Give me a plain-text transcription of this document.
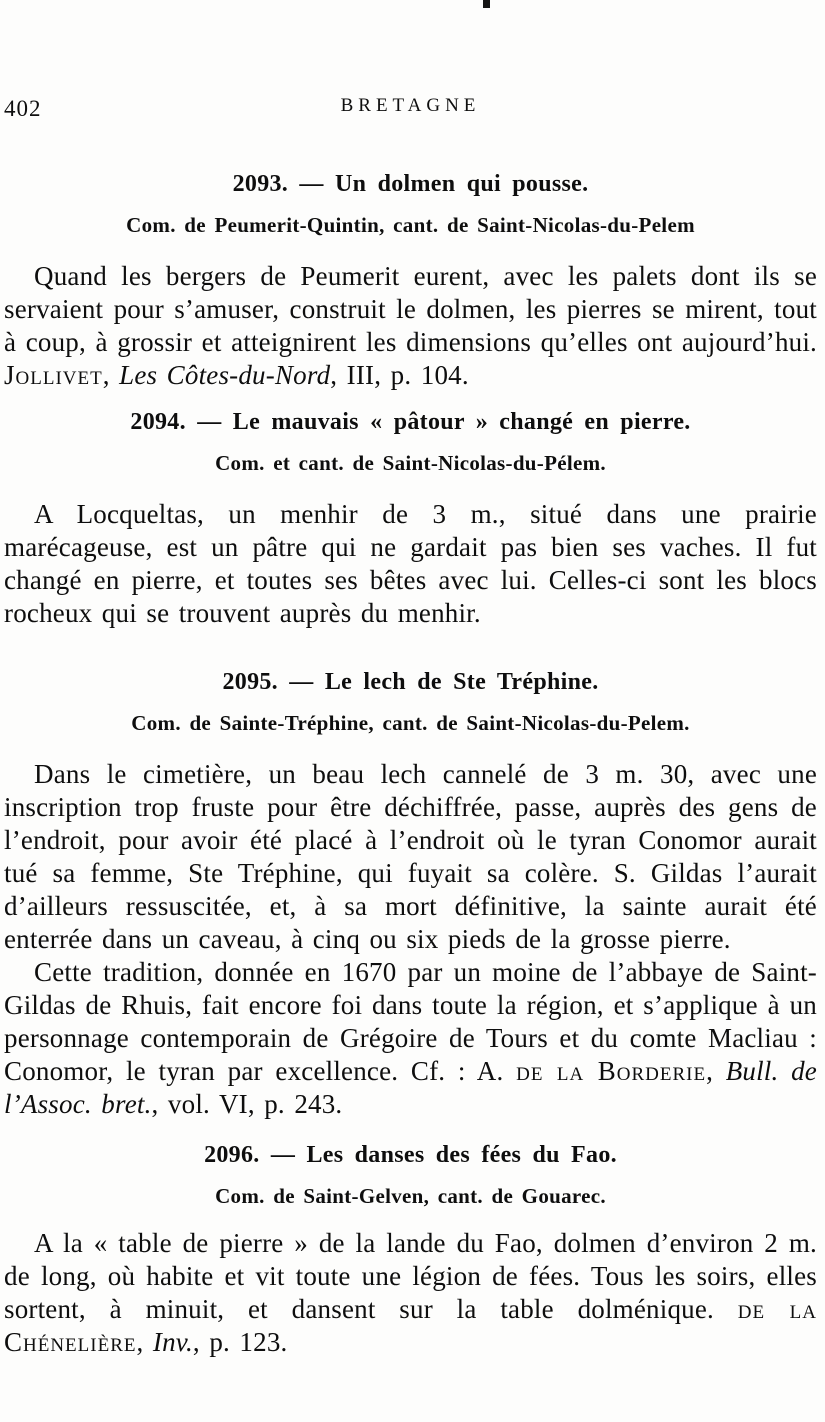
402	BRETAGNE
2093. — Un dolmen qui pousse.
Com. de Peumerit-Quintin, cant. de Saint-Nicolas-du-Pelem

Quand les bergers de Peumerit eurent, avec les palets dont ils se servaient pour s’amuser, construit le dolmen, les pierres se mirent, tout à coup, à grossir et atteignirent les dimensions qu’elles ont aujourd’hui. Jollivet, Les Côtes-du-Nord, III, p. 104.

2094. — Le mauvais « pâtour » changé en pierre.
Com. et cant. de Saint-Nicolas-du-Pélem.

A Locqueltas, un menhir de 3 m., situé dans une prairie marécageuse, est un pâtre qui ne gardait pas bien ses vaches. Il fut changé en pierre, et toutes ses bêtes avec lui. Celles-ci sont les blocs rocheux qui se trouvent auprès du menhir.

2095. — Le lech de Ste Tréphine.
Com. de Sainte-Tréphine, cant. de Saint-Nicolas-du-Pelem.

Dans le cimetière, un beau lech cannelé de 3 m. 30, avec une inscription trop fruste pour être déchiffrée, passe, auprès des gens de l’endroit, pour avoir été placé à l’endroit où le tyran Conomor aurait tué sa femme, Ste Tréphine, qui fuyait sa colère. S. Gildas l’aurait d’ailleurs ressuscitée, et, à sa mort définitive, la sainte aurait été enterrée dans un caveau, à cinq ou six pieds de la grosse pierre.

Cette tradition, donnée en 1670 par un moine de l’abbaye de Saint-Gildas de Rhuis, fait encore foi dans toute la région, et s’applique à un personnage contemporain de Grégoire de Tours et du comte Macliau : Conomor, le tyran par excellence. Cf. : A. de la Borderie, Bull. de l’Assoc. bret., vol. VI, p. 243.

2096. — Les danses des fées du Fao.
Com. de Saint-Gelven, cant. de Gouarec.

A la « table de pierre » de la lande du Fao, dolmen d’environ 2 m. de long, où habite et vit toute une légion de fées. Tous les soirs, elles sortent, à minuit, et dansent sur la table dolménique. de la Chénelière, Inv., p. 123.
